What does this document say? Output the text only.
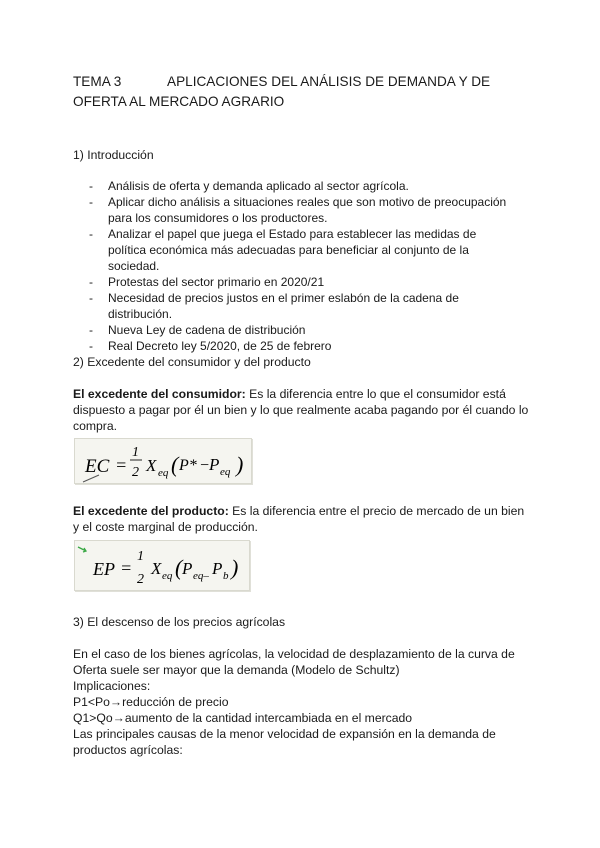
TEMA 3	APLICACIONES DEL ANÁLISIS DE DEMANDA Y DE
OFERTA AL MERCADO AGRARIO
1) Introducción
- Análisis de oferta y demanda aplicado al sector agrícola.
- Aplicar dicho análisis a situaciones reales que son motivo de preocupación para los consumidores o los productores.
- Analizar el papel que juega el Estado para establecer las medidas de política económica más adecuadas para beneficiar al conjunto de la sociedad.
- Protestas del sector primario en 2020/21
- Necesidad de precios justos en el primer eslabón de la cadena de distribución.
- Nueva Ley de cadena de distribución
- Real Decreto ley 5/2020, de 25 de febrero
2) Excedente del consumidor y del producto
El excedente del consumidor: Es la diferencia entre lo que el consumidor está dispuesto a pagar por él un bien y lo que realmente acaba pagando por él cuando lo compra.
EC =
1
2 X eq ( P* − P eq )
El excedente del producto: Es la diferencia entre el precio de mercado de un bien y el coste marginal de producción.
EP =
1
2
X eq ( P eq– P b )
3) El descenso de los precios agrícolas
En el caso de los bienes agrícolas, la velocidad de desplazamiento de la curva de
Oferta suele ser mayor que la demanda (Modelo de Schultz)
Implicaciones:
P1<Po→reducción de precio
Q1>Qo→aumento de la cantidad intercambiada en el mercado
Las principales causas de la menor velocidad de expansión en la demanda de
productos agrícolas:
